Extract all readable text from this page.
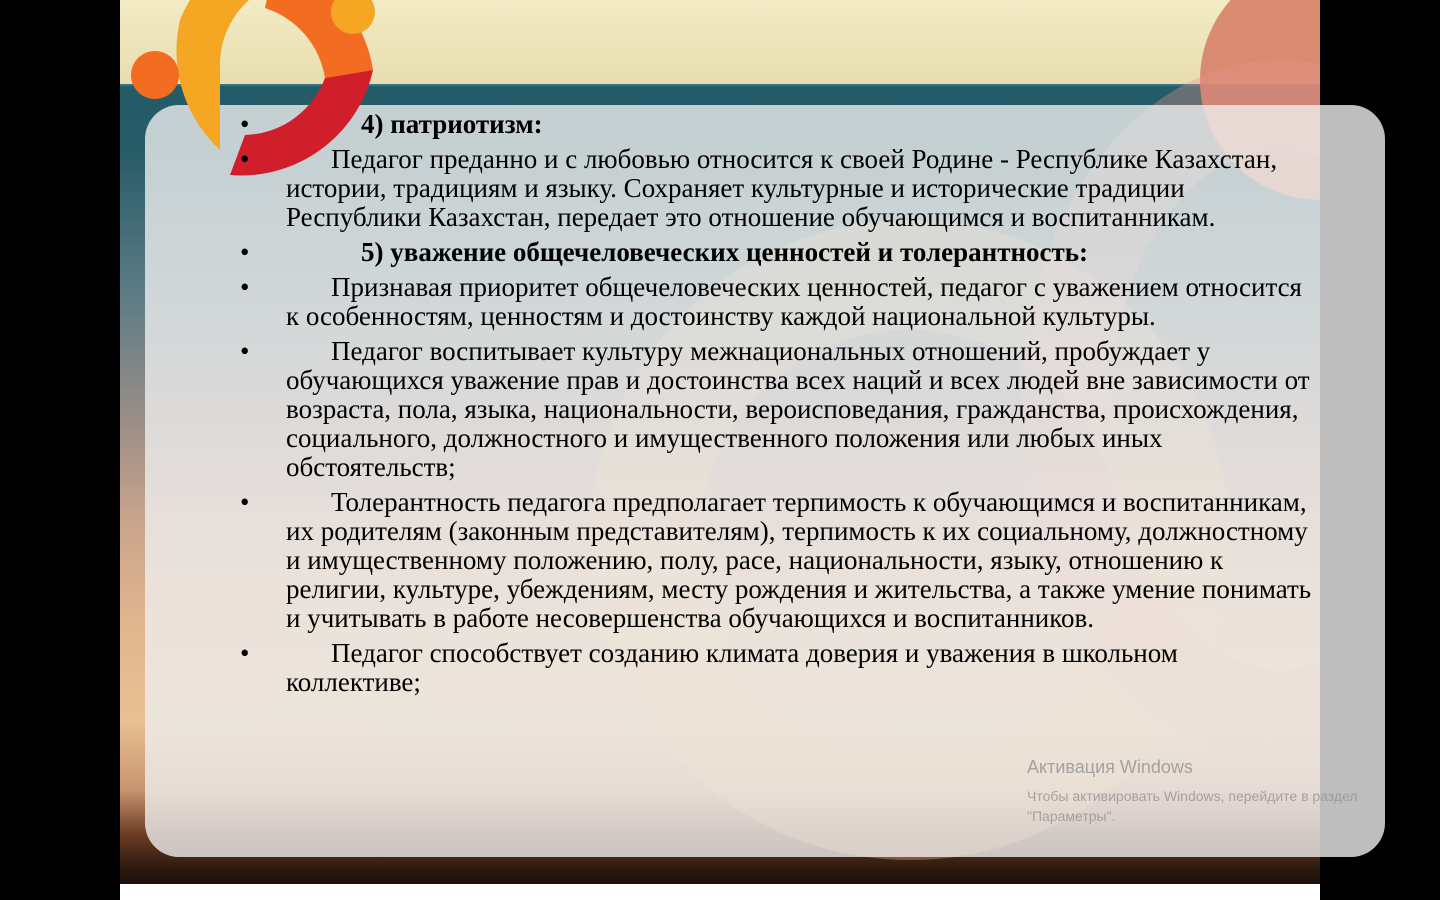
•	4) патриотизм:
•	Педагог преданно и с любовью относится к своей Родине - Республике Казахстан, истории, традициям и языку. Сохраняет культурные и исторические традиции Республики Казахстан, передает это отношение обучающимся и воспитанникам.
•	5) уважение общечеловеческих ценностей и толерантность:
•	Признавая приоритет общечеловеческих ценностей, педагог с уважением относится к особенностям, ценностям и достоинству каждой национальной культуры.
•	Педагог воспитывает культуру межнациональных отношений, пробуждает у обучающихся уважение прав и достоинства всех наций и всех людей вне зависимости от возраста, пола, языка, национальности, вероисповедания, гражданства, происхождения, социального, должностного и имущественного положения или любых иных обстоятельств;
•	Толерантность педагога предполагает терпимость к обучающимся и воспитанникам, их родителям (законным представителям), терпимость к их социальному, должностному и имущественному положению, полу, расе, национальности, языку, отношению к религии, культуре, убеждениям, месту рождения и жительства, а также умение понимать и учитывать в работе несовершенства обучающихся и воспитанников.
•	Педагог способствует созданию климата доверия и уважения в школьном коллективе;
Активация Windows
Чтобы активировать Windows, перейдите в раздел
"Параметры".
